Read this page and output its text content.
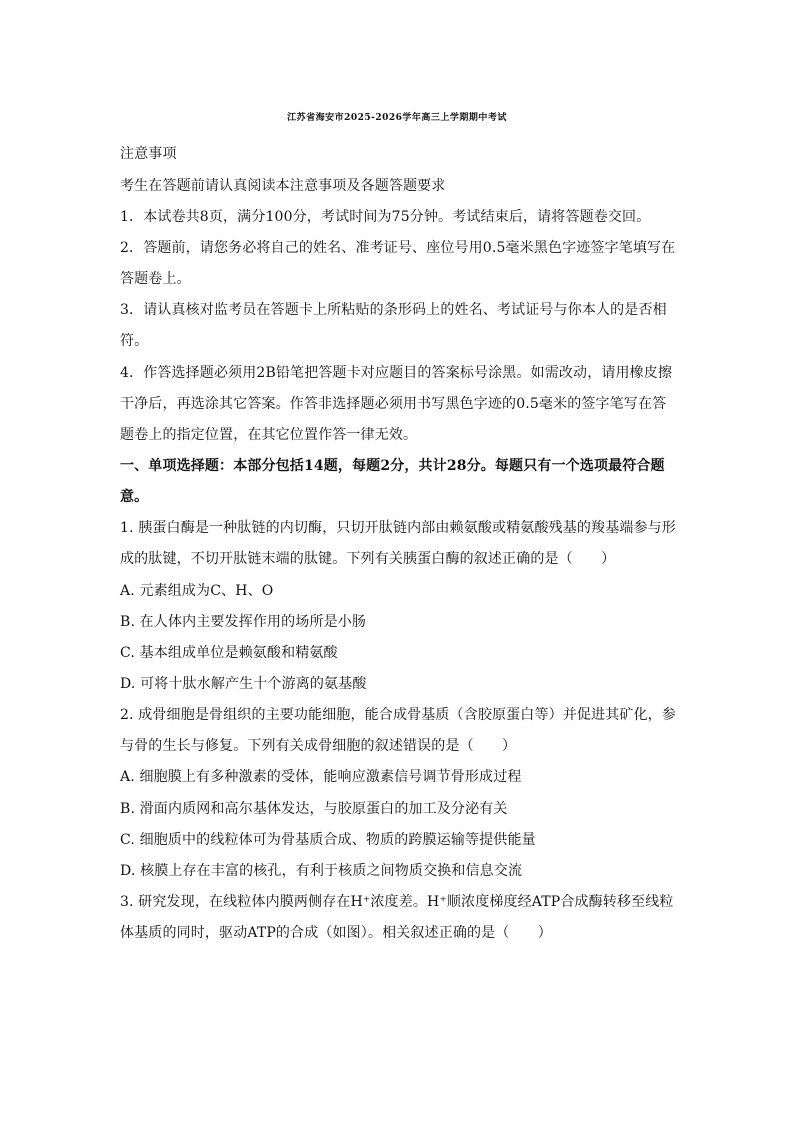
江苏省海安市2025-2026学年高三上学期期中考试
注意事项
考生在答题前请认真阅读本注意事项及各题答题要求
1．本试卷共8页，满分100分，考试时间为75分钟。考试结束后，请将答题卷交回。
2．答题前，请您务必将自己的姓名、准考证号、座位号用0.5毫米黑色字迹签字笔填写在
答题卷上。
3．请认真核对监考员在答题卡上所粘贴的条形码上的姓名、考试证号与你本人的是否相
符。
4．作答选择题必须用2B铅笔把答题卡对应题目的答案标号涂黑。如需改动，请用橡皮擦
干净后，再选涂其它答案。作答非选择题必须用书写黑色字迹的0.5毫米的签字笔写在答
题卷上的指定位置，在其它位置作答一律无效。
一、单项选择题：本部分包括14题，每题2分，共计28分。每题只有一个选项最符合题
意。
1. 胰蛋白酶是一种肽链的内切酶，只切开肽链内部由赖氨酸或精氨酸残基的羧基端参与形
成的肽键，不切开肽链末端的肽键。下列有关胰蛋白酶的叙述正确的是（　　）
A. 元素组成为C、H、O
B. 在人体内主要发挥作用的场所是小肠
C. 基本组成单位是赖氨酸和精氨酸
D. 可将十肽水解产生十个游离的氨基酸
2. 成骨细胞是骨组织的主要功能细胞，能合成骨基质（含胶原蛋白等）并促进其矿化，参
与骨的生长与修复。下列有关成骨细胞的叙述错误的是（　　）
A. 细胞膜上有多种激素的受体，能响应激素信号调节骨形成过程
B. 滑面内质网和高尔基体发达，与胶原蛋白的加工及分泌有关
C. 细胞质中的线粒体可为骨基质合成、物质的跨膜运输等提供能量
D. 核膜上存在丰富的核孔，有利于核质之间物质交换和信息交流
3. 研究发现，在线粒体内膜两侧存在H⁺浓度差。H⁺顺浓度梯度经ATP合成酶转移至线粒
体基质的同时，驱动ATP的合成（如图）。相关叙述正确的是（　　）
